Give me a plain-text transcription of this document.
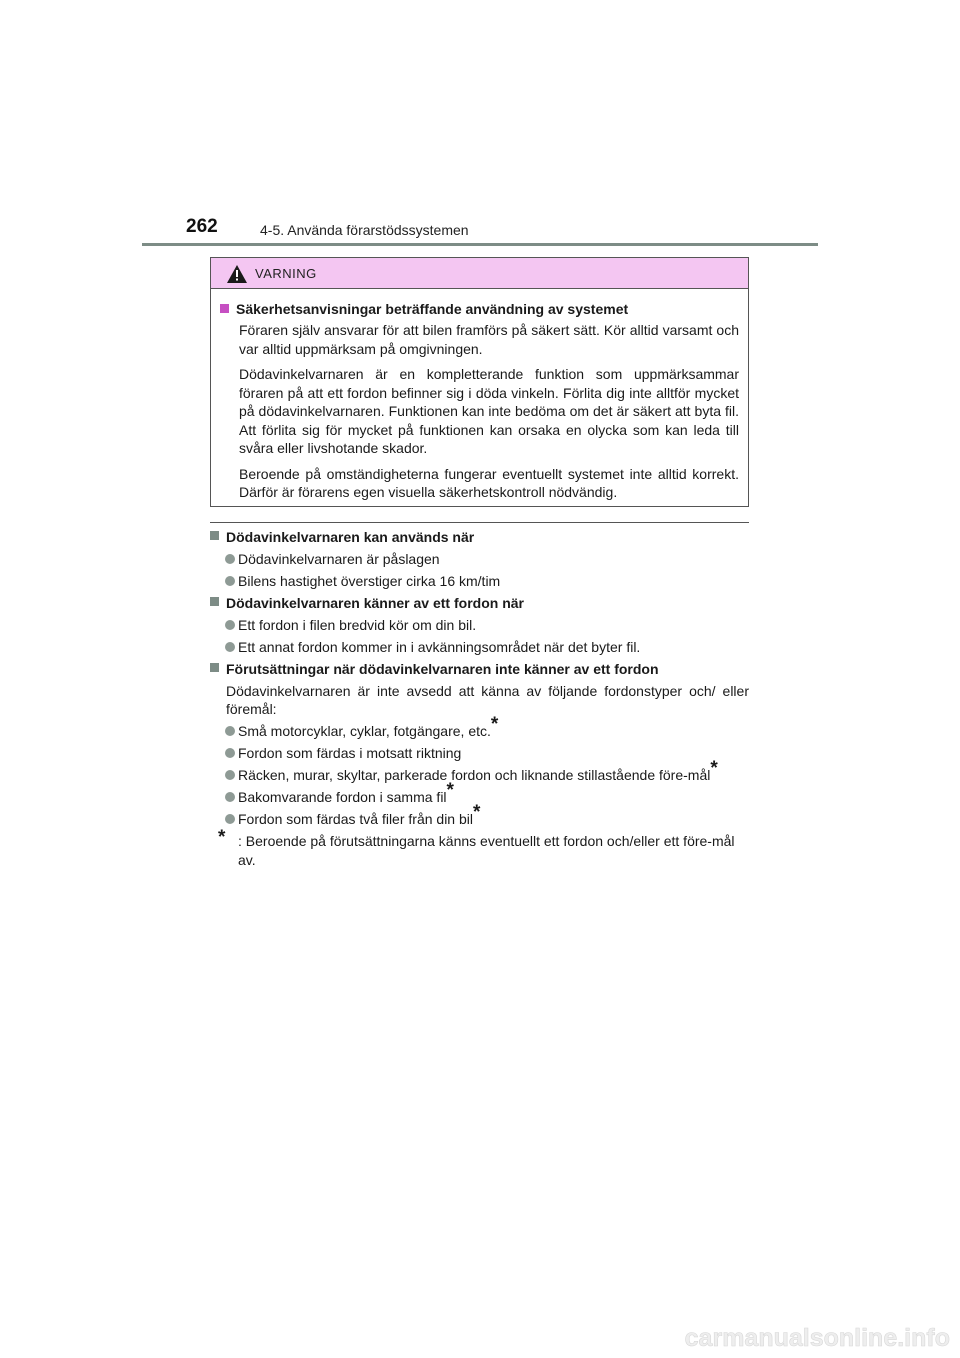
262	4-5. Använda förarstödssystemen
VARNING
Säkerhetsanvisningar beträffande användning av systemet

Föraren själv ansvarar för att bilen framförs på säkert sätt. Kör alltid varsamt och var alltid uppmärksam på omgivningen.

Dödavinkelvarnaren är en kompletterande funktion som uppmärksammar föraren på att ett fordon befinner sig i döda vinkeln. Förlita dig inte alltför mycket på dödavinkelvarnaren. Funktionen kan inte bedöma om det är säkert att byta fil. Att förlita sig för mycket på funktionen kan orsaka en olycka som kan leda till svåra eller livshotande skador.

Beroende på omständigheterna fungerar eventuellt systemet inte alltid korrekt. Därför är förarens egen visuella säkerhetskontroll nödvändig.

Dödavinkelvarnaren kan används när
Dödavinkelvarnaren är påslagen
Bilens hastighet överstiger cirka 16 km/tim
Dödavinkelvarnaren känner av ett fordon när
Ett fordon i filen bredvid kör om din bil.
Ett annat fordon kommer in i avkänningsområdet när det byter fil.
Förutsättningar när dödavinkelvarnaren inte känner av ett fordon

Dödavinkelvarnaren är inte avsedd att känna av följande fordonstyper och/ eller föremål:

Små motorcyklar, cyklar, fotgängare, etc.*
Fordon som färdas i motsatt riktning
Räcken, murar, skyltar, parkerade fordon och liknande stillastående före-mål*
Bakomvarande fordon i samma fil*
Fordon som färdas två filer från din bil*
* : Beroende på förutsättningarna känns eventuellt ett fordon och/eller ett före-mål av.
carmanualsonline.info
